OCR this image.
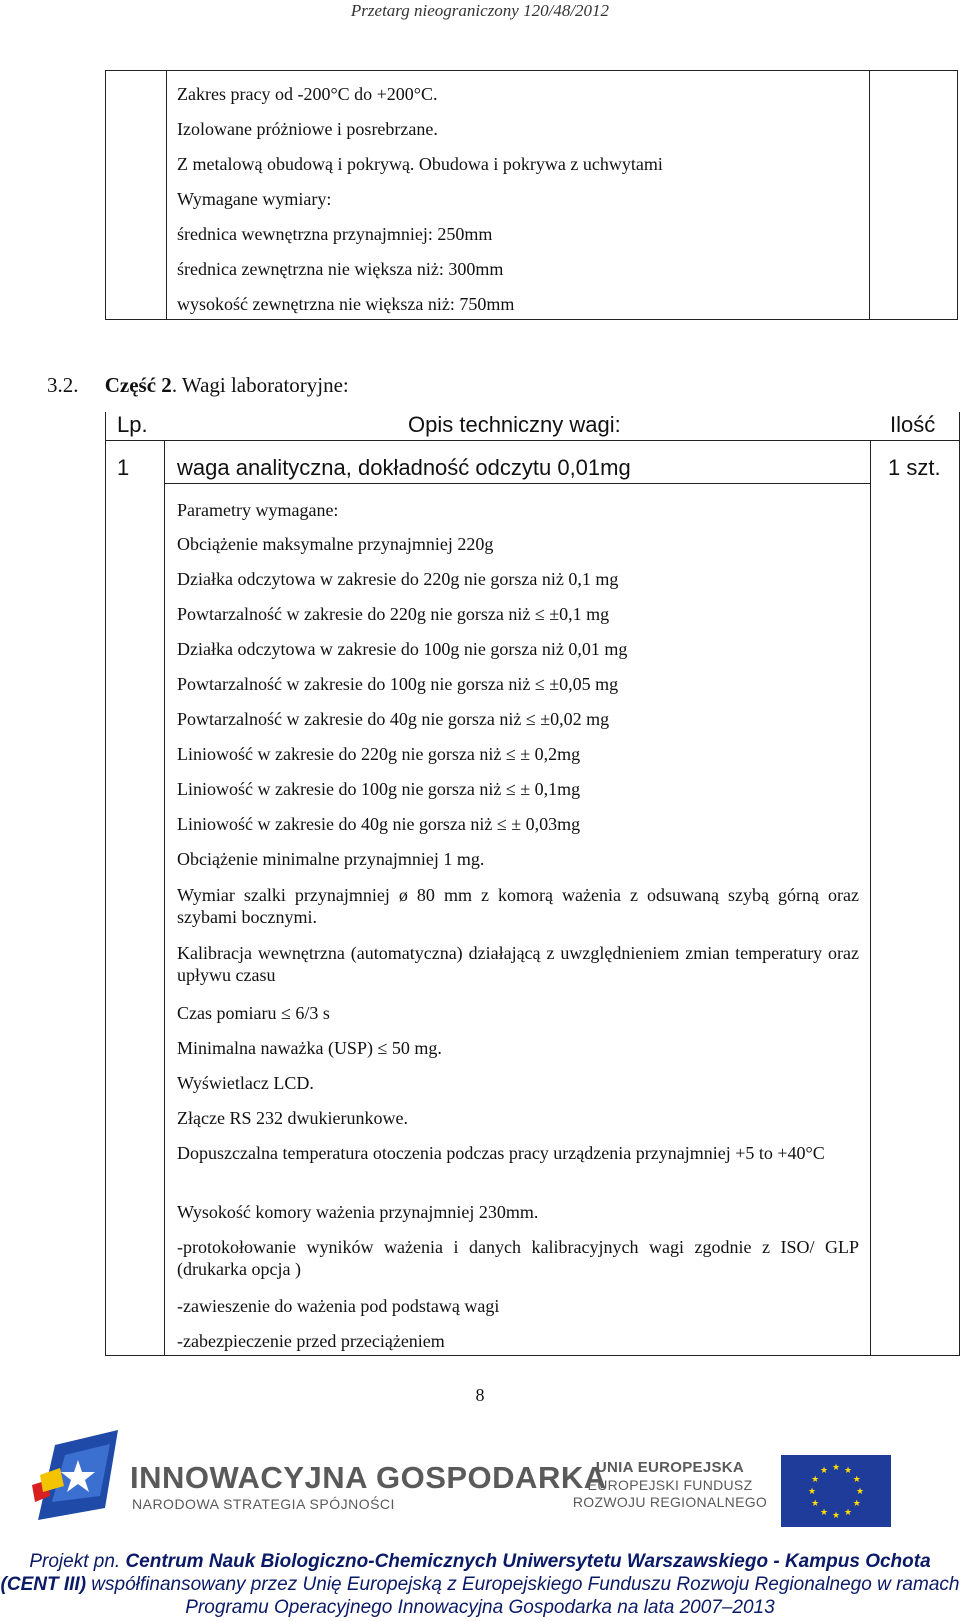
Przetarg nieograniczony 120/48/2012
Zakres pracy od -200°C do +200°C.
Izolowane próżniowe i posrebrzane.
Z metalową obudową i pokrywą. Obudowa i pokrywa z uchwytami
Wymagane wymiary:
średnica wewnętrzna przynajmniej: 250mm
średnica zewnętrzna nie większa niż: 300mm
wysokość zewnętrzna nie większa niż: 750mm
3.2. Część 2. Wagi laboratoryjne:
Lp.	Opis techniczny wagi:	Ilość
1 waga analityczna, dokładność odczytu 0,01mg	1 szt.
Parametry wymagane:
Obciążenie maksymalne przynajmniej 220g
Działka odczytowa w zakresie do 220g nie gorsza niż 0,1 mg
Powtarzalność w zakresie do 220g nie gorsza niż ≤ ±0,1 mg
Działka odczytowa w zakresie do 100g nie gorsza niż 0,01 mg
Powtarzalność w zakresie do 100g nie gorsza niż ≤ ±0,05 mg
Powtarzalność w zakresie do 40g nie gorsza niż ≤ ±0,02 mg
Liniowość w zakresie do 220g nie gorsza niż ≤ ± 0,2mg
Liniowość w zakresie do 100g nie gorsza niż ≤ ± 0,1mg
Liniowość w zakresie do 40g nie gorsza niż ≤ ± 0,03mg
Obciążenie minimalne przynajmniej 1 mg.
Wymiar szalki przynajmniej ø 80 mm z komorą ważenia z odsuwaną szybą górną oraz szybami bocznymi.
Kalibracja wewnętrzna (automatyczna) działającą z uwzględnieniem zmian temperatury oraz upływu czasu
Czas pomiaru ≤ 6/3 s
Minimalna naważka (USP) ≤ 50 mg.
Wyświetlacz LCD.
Złącze RS 232 dwukierunkowe.
Dopuszczalna temperatura otoczenia podczas pracy urządzenia przynajmniej +5 to +40°C
Wysokość komory ważenia przynajmniej 230mm.
-protokołowanie wyników ważenia i danych kalibracyjnych wagi zgodnie z ISO/ GLP (drukarka opcja )
-zawieszenie do ważenia pod podstawą wagi
-zabezpieczenie przed przeciążeniem
8
INNOWACYJNA GOSPODARKA
NARODOWA STRATEGIA SPÓJNOŚCI
UNIA EUROPEJSKA
EUROPEJSKI FUNDUSZ
ROZWOJU REGIONALNEGO
★ ★
★
★
★
★
★
★
★
★
★
★
Projekt pn. Centrum Nauk Biologiczno-Chemicznych Uniwersytetu Warszawskiego - Kampus Ochota (CENT III) współfinansowany przez Unię Europejską z Europejskiego Funduszu Rozwoju Regionalnego w ramach Programu Operacyjnego Innowacyjna Gospodarka na lata 2007–2013
